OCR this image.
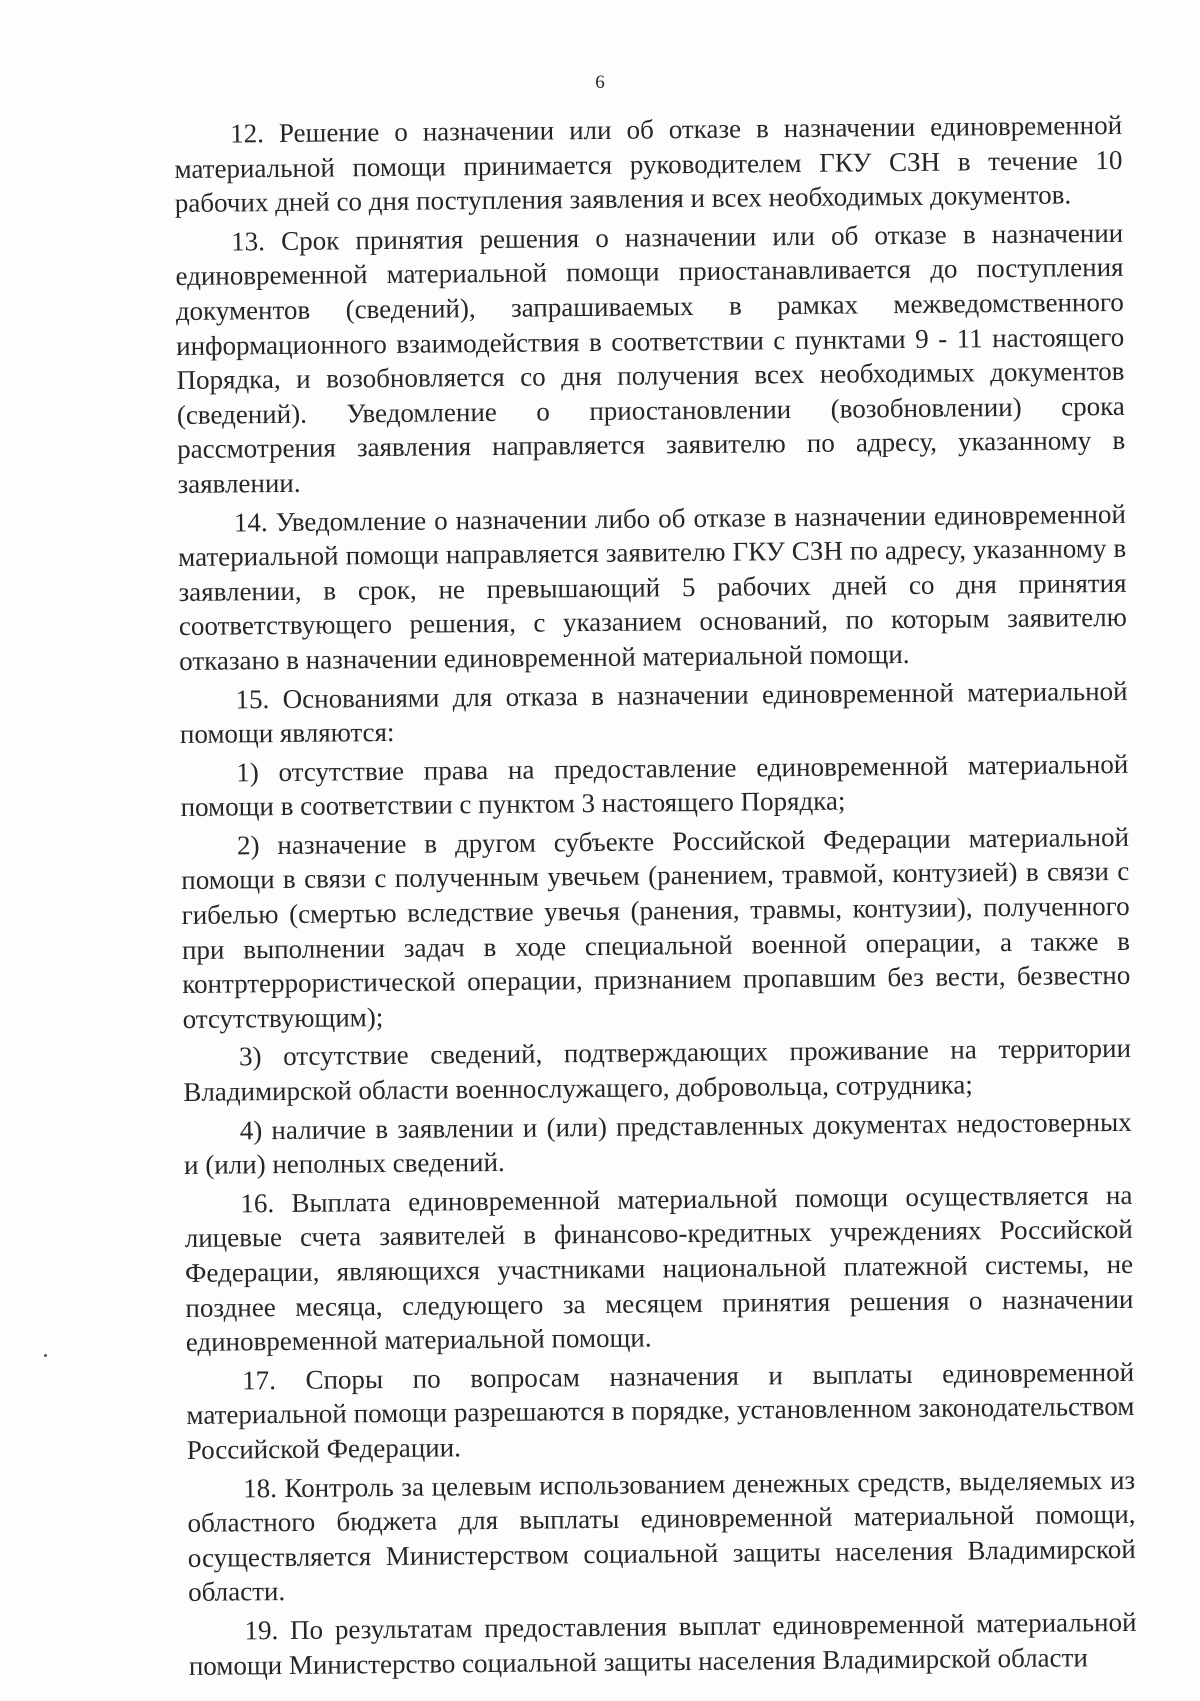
6

12. Решение о назначении или об отказе в назначении единовременной материальной помощи принимается руководителем ГКУ СЗН в течение 10 рабочих дней со дня поступления заявления и всех необходимых документов.

13. Срок принятия решения о назначении или об отказе в назначении единовременной материальной помощи приостанавливается до поступления документов (сведений), запрашиваемых в рамках межведомственного информационного взаимодействия в соответствии с пунктами 9 - 11 настоящего Порядка, и возобновляется со дня получения всех необходимых документов (сведений). Уведомление о приостановлении (возобновлении) срока рассмотрения заявления направляется заявителю по адресу, указанному в заявлении.

14. Уведомление о назначении либо об отказе в назначении единовременной материальной помощи направляется заявителю ГКУ СЗН по адресу, указанному в заявлении, в срок, не превышающий 5 рабочих дней со дня принятия соответствующего решения, с указанием оснований, по которым заявителю отказано в назначении единовременной материальной помощи.

15. Основаниями для отказа в назначении единовременной материальной помощи являются:

1) отсутствие права на предоставление единовременной материальной помощи в соответствии с пунктом 3 настоящего Порядка;

2) назначение в другом субъекте Российской Федерации материальной помощи в связи с полученным увечьем (ранением, травмой, контузией) в связи с гибелью (смертью вследствие увечья (ранения, травмы, контузии), полученного при выполнении задач в ходе специальной военной операции, а также в контртеррористической операции, признанием пропавшим без вести, безвестно отсутствующим);

3) отсутствие сведений, подтверждающих проживание на территории Владимирской области военнослужащего, добровольца, сотрудника;

4) наличие в заявлении и (или) представленных документах недостоверных и (или) неполных сведений.

16. Выплата единовременной материальной помощи осуществляется на лицевые счета заявителей в финансово-кредитных учреждениях Российской Федерации, являющихся участниками национальной платежной системы, не позднее месяца, следующего за месяцем принятия решения о назначении единовременной материальной помощи.

17. Споры по вопросам назначения и выплаты единовременной материальной помощи разрешаются в порядке, установленном законодательством Российской Федерации.

18. Контроль за целевым использованием денежных средств, выделяемых из областного бюджета для выплаты единовременной материальной помощи, осуществляется Министерством социальной защиты населения Владимирской области.

19. По результатам предоставления выплат единовременной материальной помощи Министерство социальной защиты населения Владимирской области
